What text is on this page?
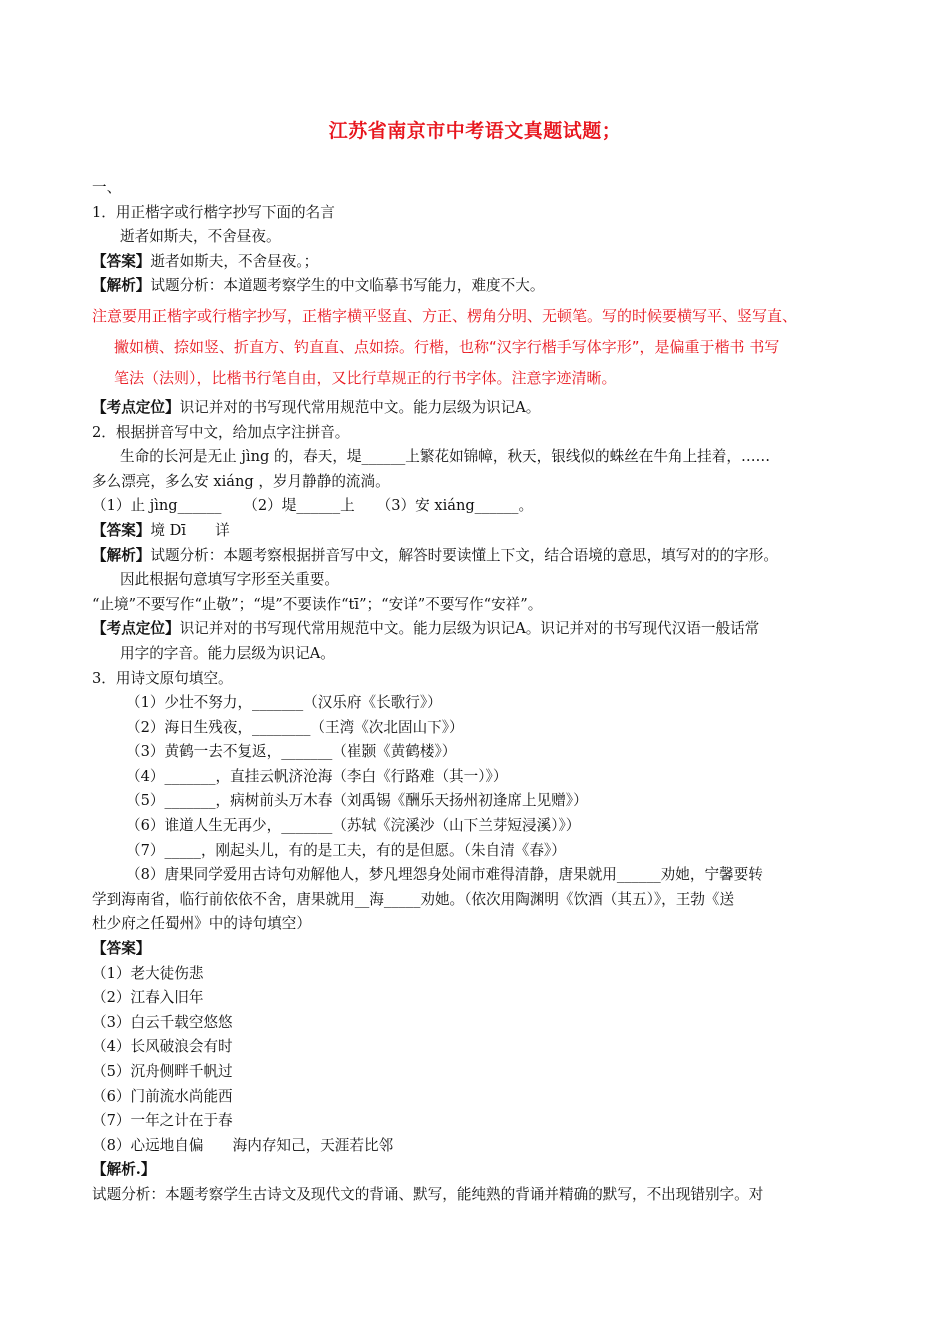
江苏省南京市中考语文真题试题；
一、
1．用正楷字或行楷字抄写下面的名言
逝者如斯夫，不舍昼夜。
【答案】逝者如斯夫，不舍昼夜。；
【解析】试题分析：本道题考察学生的中文临摹书写能力，难度不大。
注意要用正楷字或行楷字抄写，正楷字横平竖直、方正、楞角分明、无顿笔。写的时候要横写平、竖写直、
撇如横、捺如竖、折直方、钓直直、点如捺。行楷，也称“汉字行楷手写体字形”，是偏重于楷书 书写
笔法（法则），比楷书行笔自由，又比行草规正的行书字体。注意字迹清晰。
【考点定位】识记并对的书写现代常用规范中文。能力层级为识记A。
2．根据拼音写中文，给加点字注拼音。
生命的长河是无止 jìng 的，春天，堤______上繁花如锦幛，秋天，银线似的蛛丝在牛角上挂着，……
多么漂亮，多么安 xiáng ，岁月静静的流淌。
（1）止 jìng______　　（2）堤______上　　（3）安 xiáng______。
【答案】境 Dī　　详
【解析】试题分析：本题考察根据拼音写中文，解答时要读懂上下文，结合语境的意思，填写对的的字形。
因此根据句意填写字形至关重要。
“止境”不要写作“止敬”；“堤”不要读作“tī”；“安详”不要写作“安祥”。
【考点定位】识记并对的书写现代常用规范中文。能力层级为识记A。识记并对的书写现代汉语一般话常
用字的字音。能力层级为识记A。
3．用诗文原句填空。
（1）少壮不努力，_______（汉乐府《长歌行》）
（2）海日生残夜，________（王湾《次北固山下》）
（3）黄鹤一去不复返，_______（崔颢《黄鹤楼》）
（4）_______，直挂云帆济沧海（李白《行路难（其一）》）
（5）_______，病树前头万木春（刘禹锡《酬乐天扬州初逢席上见赠》）
（6）谁道人生无再少，_______（苏轼《浣溪沙（山下兰芽短浸溪）》）
（7）_____，刚起头儿，有的是工夫，有的是但愿。（朱自清《春》）
（8）唐果同学爱用古诗句劝解他人，梦凡埋怨身处闹市难得清静，唐果就用______劝她，宁馨要转
学到海南省，临行前依依不舍，唐果就用__海_____劝她。（依次用陶渊明《饮酒（其五）》，王勃《送
杜少府之任蜀州》中的诗句填空）
【答案】
（1）老大徒伤悲
（2）江春入旧年
（3）白云千载空悠悠
（4）长风破浪会有时
（5）沉舟侧畔千帆过
（6）门前流水尚能西
（7）一年之计在于春
（8）心远地自偏　　海内存知己，天涯若比邻
【解析.】
试题分析：本题考察学生古诗文及现代文的背诵、默写，能纯熟的背诵并精确的默写，不出现错别字。对
